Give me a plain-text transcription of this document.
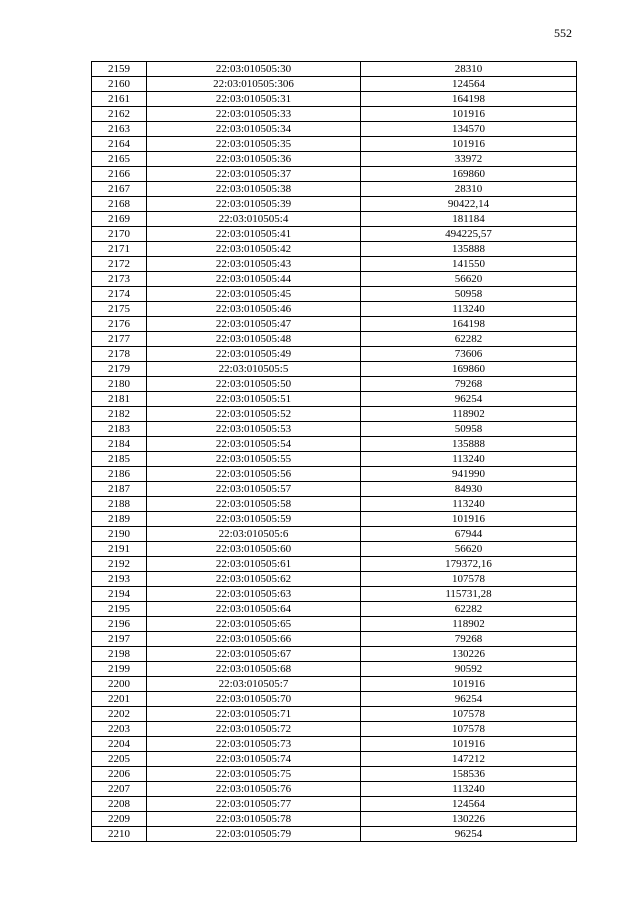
552
2159	22:03:010505:30	28310
2160	22:03:010505:306	124564
2161	22:03:010505:31	164198
2162	22:03:010505:33	101916
2163	22:03:010505:34	134570
2164	22:03:010505:35	101916
2165	22:03:010505:36	33972
2166	22:03:010505:37	169860
2167	22:03:010505:38	28310
2168	22:03:010505:39	90422,14
2169	22:03:010505:4	181184
2170	22:03:010505:41	494225,57
2171	22:03:010505:42	135888
2172	22:03:010505:43	141550
2173	22:03:010505:44	56620
2174	22:03:010505:45	50958
2175	22:03:010505:46	113240
2176	22:03:010505:47	164198
2177	22:03:010505:48	62282
2178	22:03:010505:49	73606
2179	22:03:010505:5	169860
2180	22:03:010505:50	79268
2181	22:03:010505:51	96254
2182	22:03:010505:52	118902
2183	22:03:010505:53	50958
2184	22:03:010505:54	135888
2185	22:03:010505:55	113240
2186	22:03:010505:56	941990
2187	22:03:010505:57	84930
2188	22:03:010505:58	113240
2189	22:03:010505:59	101916
2190	22:03:010505:6	67944
2191	22:03:010505:60	56620
2192	22:03:010505:61	179372,16
2193	22:03:010505:62	107578
2194	22:03:010505:63	115731,28
2195	22:03:010505:64	62282
2196	22:03:010505:65	118902
2197	22:03:010505:66	79268
2198	22:03:010505:67	130226
2199	22:03:010505:68	90592
2200	22:03:010505:7	101916
2201	22:03:010505:70	96254
2202	22:03:010505:71	107578
2203	22:03:010505:72	107578
2204	22:03:010505:73	101916
2205	22:03:010505:74	147212
2206	22:03:010505:75	158536
2207	22:03:010505:76	113240
2208	22:03:010505:77	124564
2209	22:03:010505:78	130226
2210	22:03:010505:79	96254
